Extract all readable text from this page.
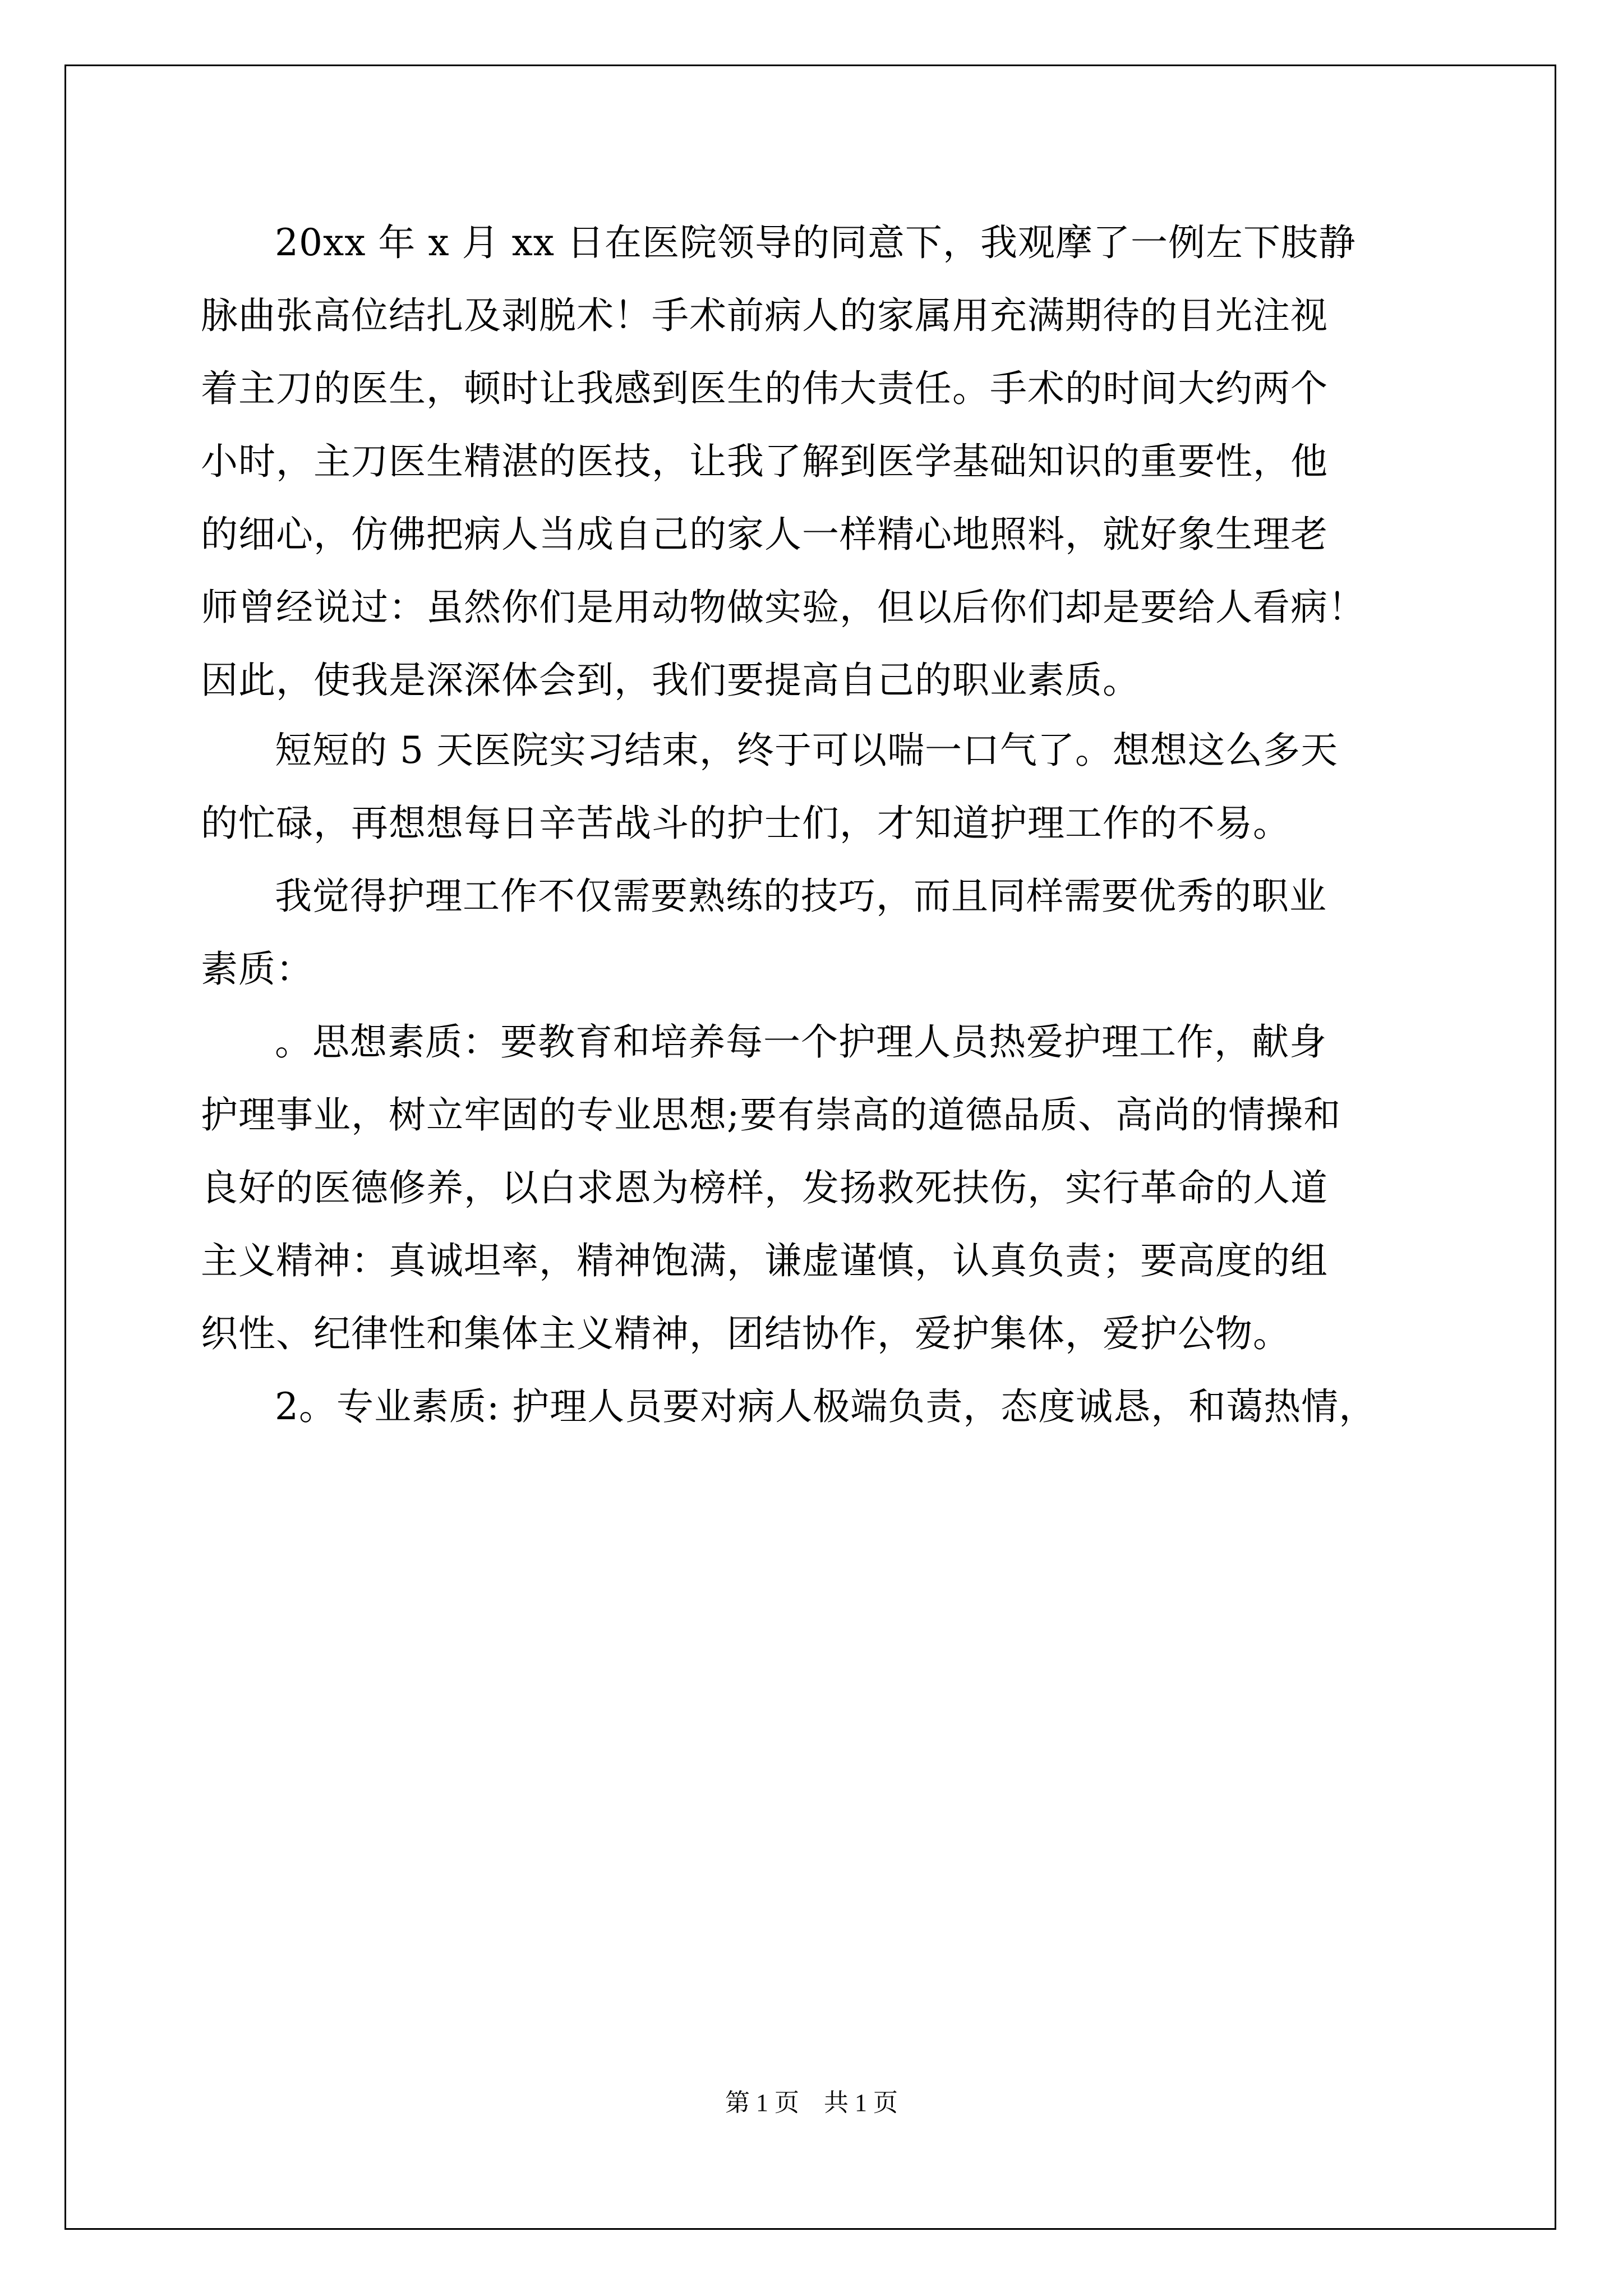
20xx 年 x 月 xx 日在医院领导的同意下，我观摩了一例左下肢静
脉曲张高位结扎及剥脱术！手术前病人的家属用充满期待的目光注视
着主刀的医生，顿时让我感到医生的伟大责任。手术的时间大约两个
小时，主刀医生精湛的医技，让我了解到医学基础知识的重要性，他
的细心，仿佛把病人当成自己的家人一样精心地照料，就好象生理老
师曾经说过：虽然你们是用动物做实验，但以后你们却是要给人看病！
因此，使我是深深体会到，我们要提高自己的职业素质。
短短的 5 天医院实习结束，终于可以喘一口气了。想想这么多天
的忙碌，再想想每日辛苦战斗的护士们，才知道护理工作的不易。
我觉得护理工作不仅需要熟练的技巧，而且同样需要优秀的职业
素质：
。思想素质：要教育和培养每一个护理人员热爱护理工作，献身
护理事业，树立牢固的专业思想;要有崇高的道德品质、高尚的情操和
良好的医德修养，以白求恩为榜样，发扬救死扶伤，实行革命的人道
主义精神：真诚坦率，精神饱满，谦虚谨慎，认真负责；要高度的组
织性、纪律性和集体主义精神，团结协作，爱护集体，爱护公物。
2。专业素质: 护理人员要对病人极端负责，态度诚恳，和蔼热情，
第 1 页　共 1 页
